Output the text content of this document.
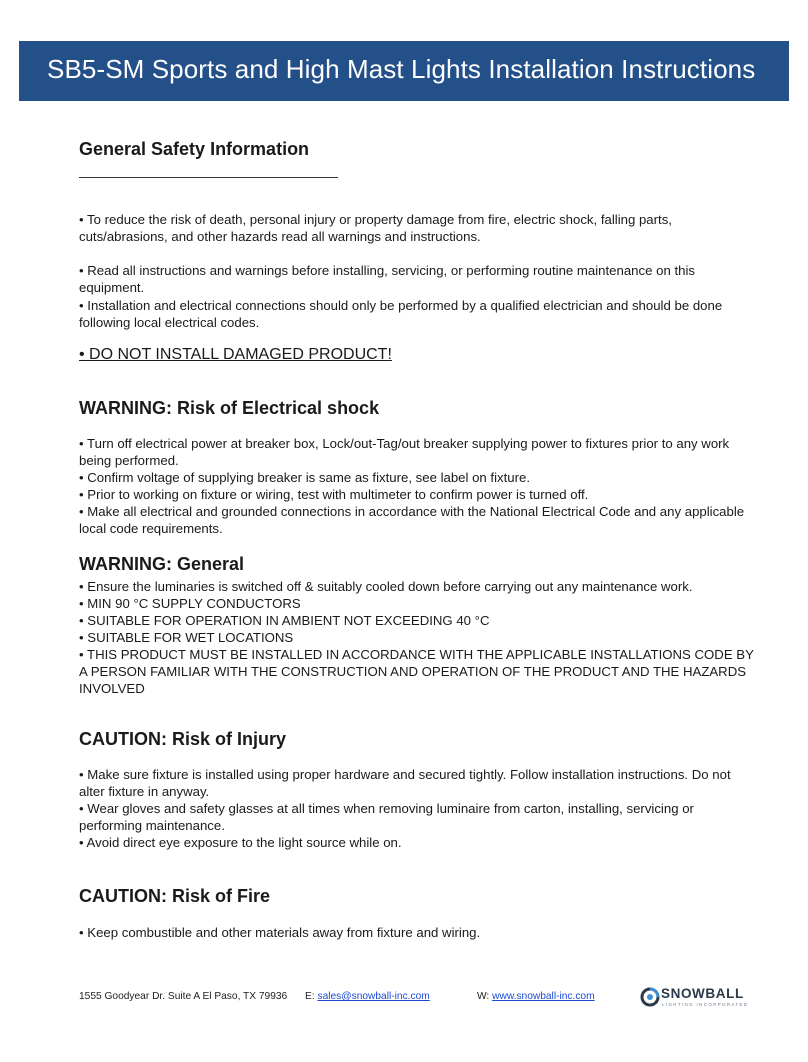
SB5-SM Sports and High Mast Lights Installation Instructions
General Safety Information

• To reduce the risk of death, personal injury or property damage from fire, electric shock, falling parts, cuts/abrasions, and other hazards read all warnings and instructions.

• Read all instructions and warnings before installing, servicing, or performing routine maintenance on this equipment.

• Installation and electrical connections should only be performed by a qualified electrician and should be done following local electrical codes.

• DO NOT INSTALL DAMAGED PRODUCT!

WARNING: Risk of Electrical shock

• Turn off electrical power at breaker box, Lock/out-Tag/out breaker supplying power to fixtures prior to any work being performed.

• Confirm voltage of supplying breaker is same as fixture, see label on fixture.

• Prior to working on fixture or wiring, test with multimeter to confirm power is turned off.

• Make all electrical and grounded connections in accordance with the National Electrical Code and any applicable local code requirements.

WARNING: General

• Ensure the luminaries is switched off & suitably cooled down before carrying out any maintenance work.

• MIN 90 °C SUPPLY CONDUCTORS

• SUITABLE FOR OPERATION IN AMBIENT NOT EXCEEDING 40 °C

• SUITABLE FOR WET LOCATIONS

• THIS PRODUCT MUST BE INSTALLED IN ACCORDANCE WITH THE APPLICABLE INSTALLATIONS CODE BY A PERSON FAMILIAR WITH THE CONSTRUCTION AND OPERATION OF THE PRODUCT AND THE HAZARDS INVOLVED

CAUTION: Risk of Injury

• Make sure fixture is installed using proper hardware and secured tightly. Follow installation instructions. Do not alter fixture in anyway.

• Wear gloves and safety glasses at all times when removing luminaire from carton, installing, servicing or performing maintenance.

• Avoid direct eye exposure to the light source while on.

CAUTION: Risk of Fire

• Keep combustible and other materials away from fixture and wiring.

1555 Goodyear Dr. Suite A El Paso, TX 79936 E: sales@snowball-inc.com	W: www.snowball-inc.com	SNOWBALL
LIGHTING INCORPORATED
